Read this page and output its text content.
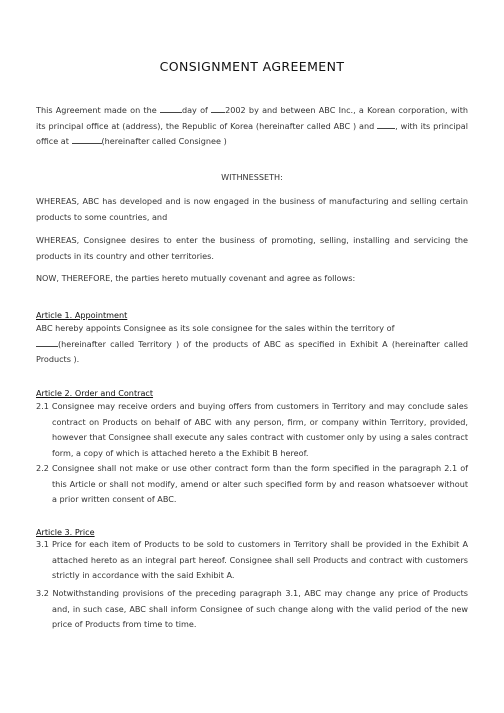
CONSIGNMENT AGREEMENT
This Agreement made on the	day of 2002 by and between ABC Inc., a Korean corporation, with its principal office at (address), the Republic of Korea (hereinafter called ABC ) and , with its principal office at	(hereinafter called Consignee )
WITHNESSETH:
WHEREAS, ABC has developed and is now engaged in the business of manufacturing and selling certain products to some countries, and
WHEREAS, Consignee desires to enter the business of promoting, selling, installing and servicing the products in its country and other territories.
NOW, THEREFORE, the parties hereto mutually covenant and agree as follows:
Article 1. Appointment
ABC hereby appoints Consignee as its sole consignee for the sales within the territory of
(hereinafter called Territory ) of the products of ABC as specified in Exhibit A (hereinafter called Products ).
Article 2. Order and Contract
2.1 Consignee may receive orders and buying offers from customers in Territory and may conclude sales contract on Products on behalf of ABC with any person, firm, or company within Territory, provided, however that Consignee shall execute any sales contract with customer only by using a sales contract form, a copy of which is attached hereto a the Exhibit B hereof.
2.2 Consignee shall not make or use other contract form than the form specified in the paragraph 2.1 of this Article or shall not modify, amend or alter such specified form by and reason whatsoever without a prior written consent of ABC.
Article 3. Price
3.1 Price for each item of Products to be sold to customers in Territory shall be provided in the Exhibit A attached hereto as an integral part hereof. Consignee shall sell Products and contract with customers strictly in accordance with the said Exhibit A.
3.2 Notwithstanding provisions of the preceding paragraph 3.1, ABC may change any price of Products and, in such case, ABC shall inform Consignee of such change along with the valid period of the new price of Products from time to time.
